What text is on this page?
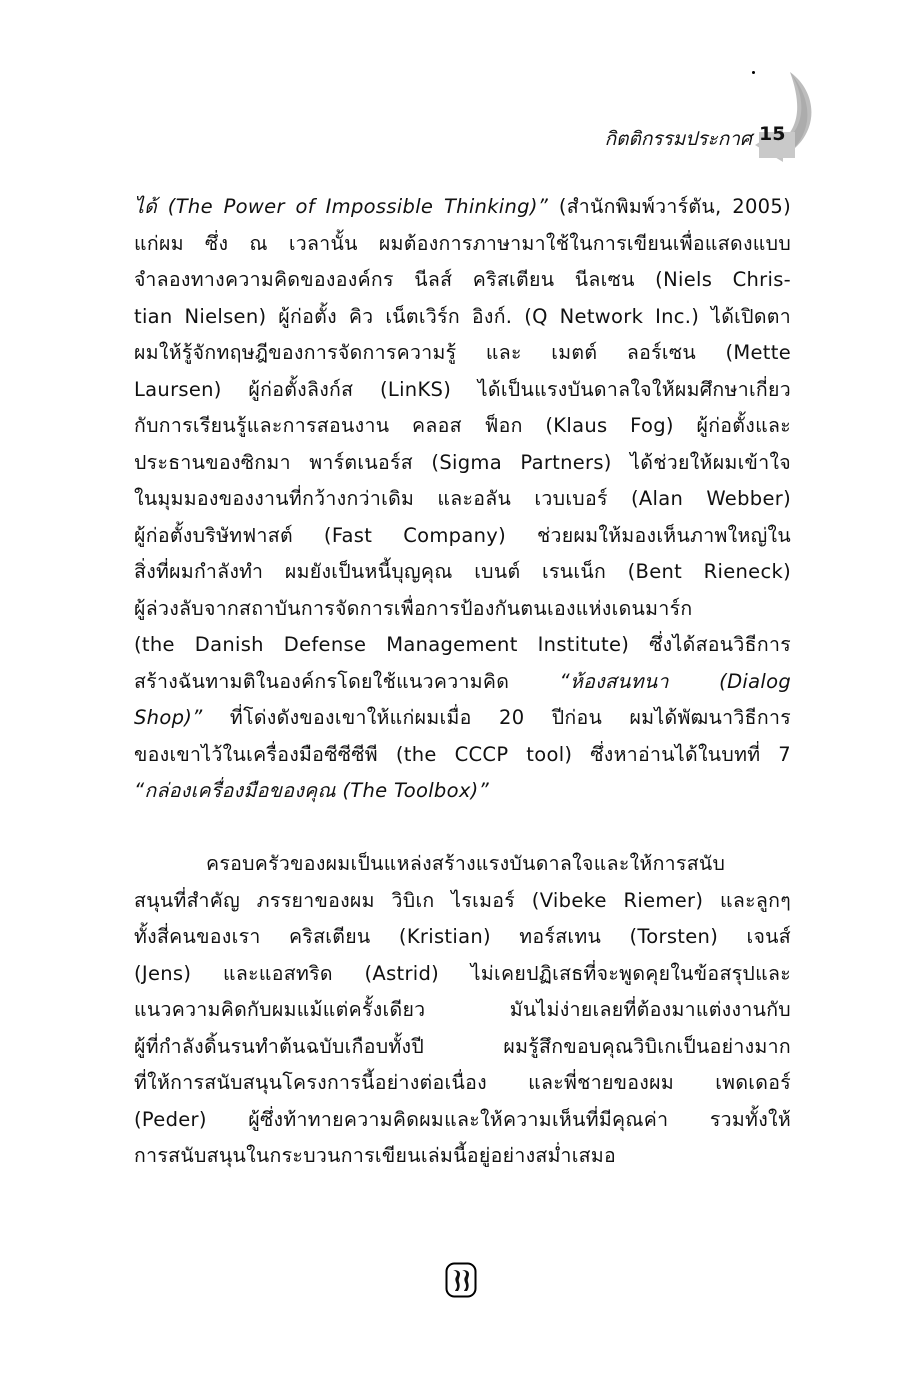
กิตติกรรมประกาศ 15
ได้ (The Power of Impossible Thinking)” (สำนักพิมพ์วาร์ตัน, 2005)
แก่ผม ซึ่ง ณ เวลานั้น ผมต้องการภาษามาใช้ในการเขียนเพื่อแสดงแบบ
จำลองทางความคิดขององค์กร นีลส์ คริสเตียน นีลเซน (Niels Chris-
tian Nielsen) ผู้ก่อตั้ง คิว เน็ตเวิร์ก อิงก์. (Q Network Inc.) ได้เปิดตา
ผมให้รู้จักทฤษฎีของการจัดการความรู้ และ เมตต์ ลอร์เซน (Mette
Laursen) ผู้ก่อตั้งลิงก์ส (LinKS) ได้เป็นแรงบันดาลใจให้ผมศึกษาเกี่ยว
กับการเรียนรู้และการสอนงาน คลอส ฟ็อก (Klaus Fog) ผู้ก่อตั้งและ
ประธานของซิกมา พาร์ตเนอร์ส (Sigma Partners) ได้ช่วยให้ผมเข้าใจ
ในมุมมองของงานที่กว้างกว่าเดิม และอลัน เวบเบอร์ (Alan Webber)
ผู้ก่อตั้งบริษัทฟาสต์ (Fast Company) ช่วยผมให้มองเห็นภาพใหญ่ใน
สิ่งที่ผมกำลังทำ ผมยังเป็นหนี้บุญคุณ เบนต์ เรนเน็ก (Bent Rieneck)
ผู้ล่วงลับจากสถาบันการจัดการเพื่อการป้องกันตนเองแห่งเดนมาร์ก
(the Danish Defense Management Institute) ซึ่งได้สอนวิธีการ
สร้างฉันทามติในองค์กรโดยใช้แนวความคิด “ห้องสนทนา (Dialog
Shop)” ที่โด่งดังของเขาให้แก่ผมเมื่อ 20 ปีก่อน ผมได้พัฒนาวิธีการ
ของเขาไว้ในเครื่องมือซีซีซีพี (the CCCP tool) ซึ่งหาอ่านได้ในบทที่ 7
“กล่องเครื่องมือของคุณ (The Toolbox)”
ครอบครัวของผมเป็นแหล่งสร้างแรงบันดาลใจและให้การสนับ
สนุนที่สำคัญ ภรรยาของผม วิบิเก ไรเมอร์ (Vibeke Riemer) และลูกๆ
ทั้งสี่คนของเรา คริสเตียน (Kristian) ทอร์สเทน (Torsten) เจนส์
(Jens) และแอสทริด (Astrid) ไม่เคยปฏิเสธที่จะพูดคุยในข้อสรุปและ
แนวความคิดกับผมแม้แต่ครั้งเดียว มันไม่ง่ายเลยที่ต้องมาแต่งงานกับ
ผู้ที่กำลังดิ้นรนทำต้นฉบับเกือบทั้งปี ผมรู้สึกขอบคุณวิบิเกเป็นอย่างมาก
ที่ให้การสนับสนุนโครงการนี้อย่างต่อเนื่อง และพี่ชายของผม เพดเดอร์
(Peder) ผู้ซึ่งท้าทายความคิดผมและให้ความเห็นที่มีคุณค่า รวมทั้งให้
การสนับสนุนในกระบวนการเขียนเล่มนี้อยู่อย่างสม่ำเสมอ
